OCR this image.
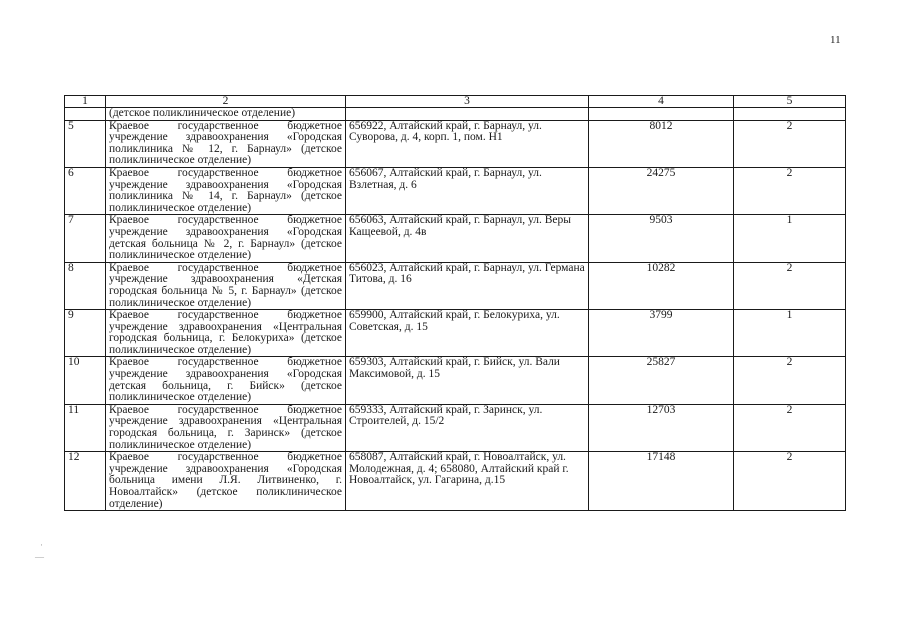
11
·
—
1	2	3	4	5
	(детское поликлиническое отделение)			
5	Краевое государственное бюджетное учреждение здравоохранения «Городская поликлиника № 12, г. Барнаул» (детское поликлиническое отделение)	656922, Алтайский край, г. Барнаул, ул. Суворова, д. 4, корп. 1, пом. Н1	8012	2
6	Краевое государственное бюджетное учреждение здравоохранения «Городская поликлиника № 14, г. Барнаул» (детское поликлиническое отделение)	656067, Алтайский край, г. Барнаул, ул. Взлетная, д. 6	24275	2
7	Краевое государственное бюджетное учреждение здравоохранения «Городская детская больница № 2, г. Барнаул» (детское поликлиническое отделение)	656063, Алтайский край, г. Барнаул, ул. Веры Кащеевой, д. 4в	9503	1
8	Краевое государственное бюджетное учреждение здравоохранения «Детская городская больница № 5, г. Барнаул» (детское поликлиническое отделение)	656023, Алтайский край, г. Барнаул, ул. Германа Титова, д. 16	10282	2
9	Краевое государственное бюджетное учреждение здравоохранения «Центральная городская больница, г. Белокуриха» (детское поликлиническое отделение)	659900, Алтайский край, г. Белокуриха, ул. Советская, д. 15	3799	1
10	Краевое государственное бюджетное учреждение здравоохранения «Городская детская больница, г. Бийск» (детское поликлиническое отделение)	659303, Алтайский край, г. Бийск, ул. Вали Максимовой, д. 15	25827	2
11	Краевое государственное бюджетное учреждение здравоохранения «Центральная городская больница, г. Заринск» (детское поликлиническое отделение)	659333, Алтайский край, г. Заринск, ул. Строителей, д. 15/2	12703	2
12	Краевое государственное бюджетное учреждение здравоохранения «Городская больница имени Л.Я. Литвиненко, г. Новоалтайск» (детское поликлиническое отделение)	658087, Алтайский край, г. Новоалтайск, ул. Молодежная, д. 4; 658080, Алтайский край г. Новоалтайск, ул. Гагарина, д.15	17148	2
